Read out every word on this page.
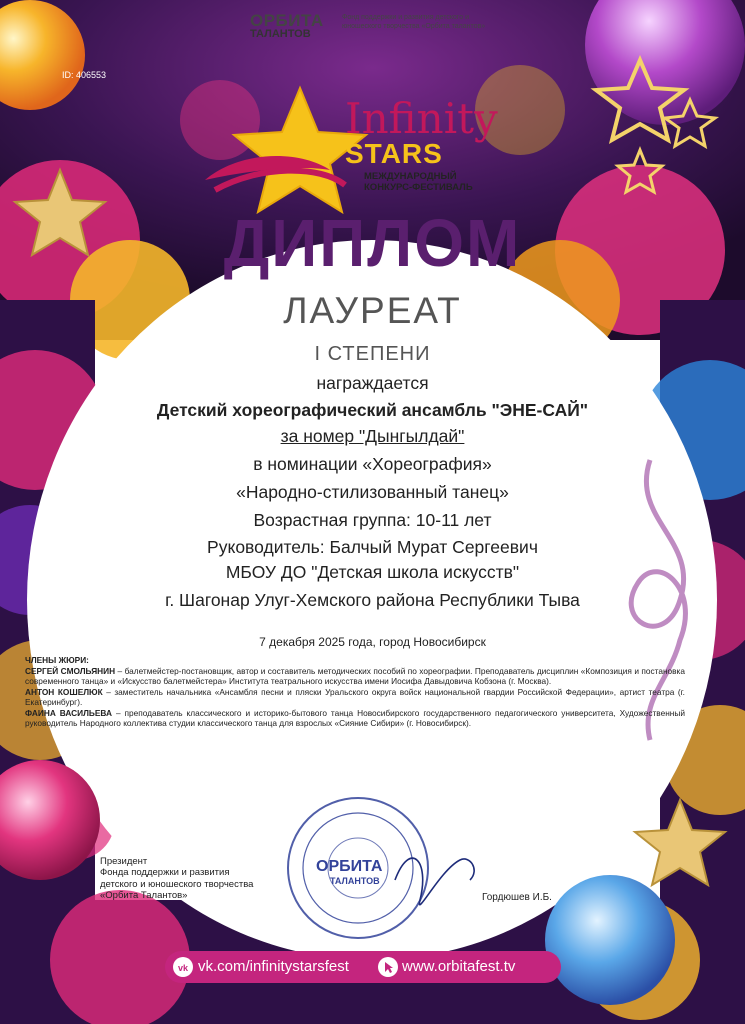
ОРБИТА
ТАЛАНТОВ
Фонд поддержки и развития детского и юношеского творчества «Орбита талантов»
ID: 406553
Infinity
STARS
МЕЖДУНАРОДНЫЙ
КОНКУРС-ФЕСТИВАЛЬ
ДИПЛОМ
ЛАУРЕАТ
I СТЕПЕНИ
награждается
Детский хореографический ансамбль "ЭНЕ-САЙ"
за номер "Дынгылдай"
в номинации «Хореография»
«Народно-стилизованный танец»
Возрастная группа: 10-11 лет
Руководитель: Балчый Мурат Сергеевич
МБОУ ДО "Детская школа искусств"
г. Шагонар Улуг-Хемского района Республики Тыва
7 декабря 2025 года, город Новосибирск
ЧЛЕНЫ ЖЮРИ:
СЕРГЕЙ СМОЛЬЯНИН – балетмейстер-постановщик, автор и составитель методических пособий по хореографии. Преподаватель дисциплин «Композиция и постановка современного танца» и «Искусство балетмейстера» Института театрального искусства имени Иосифа Давыдовича Кобзона (г. Москва).
АНТОН КОШЕЛЮК – заместитель начальника «Ансамбля песни и пляски Уральского округа войск национальной гвардии Российской Федерации», артист театра (г. Екатеринбург).
ФАИНА ВАСИЛЬЕВА – преподаватель классического и историко-бытового танца Новосибирского государственного педагогического университета, Художественный руководитель Народного коллектива студии классического танца для взрослых «Сияние Сибири» (г. Новосибирск).
ОРБИТА
ТАЛАНТОВ
Президент
Фонда поддержки и развития
детского и юношеского творчества
«Орбита Талантов»	Гордюшев И.Б.
vk vk.com/infinitystarsfest	www.orbitafest.tv
